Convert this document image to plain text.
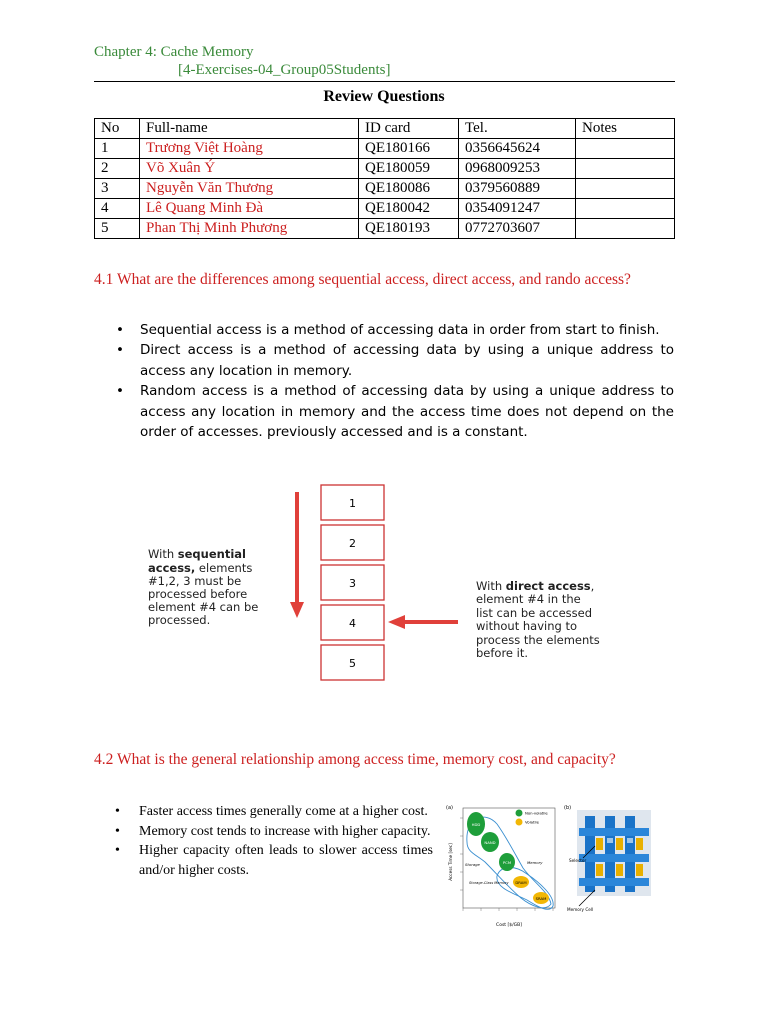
Chapter 4: Cache Memory
[4-Exercises-04_Group05Students]
Review Questions
No	Full-name	ID card	Tel.	Notes
1	Trương Việt Hoàng	QE180166	0356645624	
2	Võ Xuân Ý	QE180059	0968009253	
3	Nguyễn Văn Thương	QE180086	0379560889	
4	Lê Quang Minh Đà	QE180042	0354091247	
5	Phan Thị Minh Phương	QE180193	0772703607	
4.1 What are the differences among sequential access, direct access, and rando access?
• Sequential access is a method of accessing data in order from start to finish.
• Direct access is a method of accessing data by using a unique address to access any location in memory.
• Random access is a method of accessing data by using a unique address to access any location in memory and the access time does not depend on the order of accesses. previously accessed and is a constant.
1
2
3
4
5
With sequential
access, elements
#1,2, 3 must be
processed before
element #4 can be
processed.
With direct access,
element #4 in the
list can be accessed
without having to
process the elements
before it.
4.2 What is the general relationship among access time, memory cost, and capacity?
• Faster access times generally come at a higher cost.
• Memory cost tends to increase with higher capacity.
• Higher capacity often leads to slower access times and/or higher costs.
(a)
Access Time [sec]
Cost [$/GB]
Storage	Memory
Storage-Class Memory
HDD
NAND
PCM
DRAM
SRAM
Non-volatile
Volatile
(b)
Selector
Memory Cell
